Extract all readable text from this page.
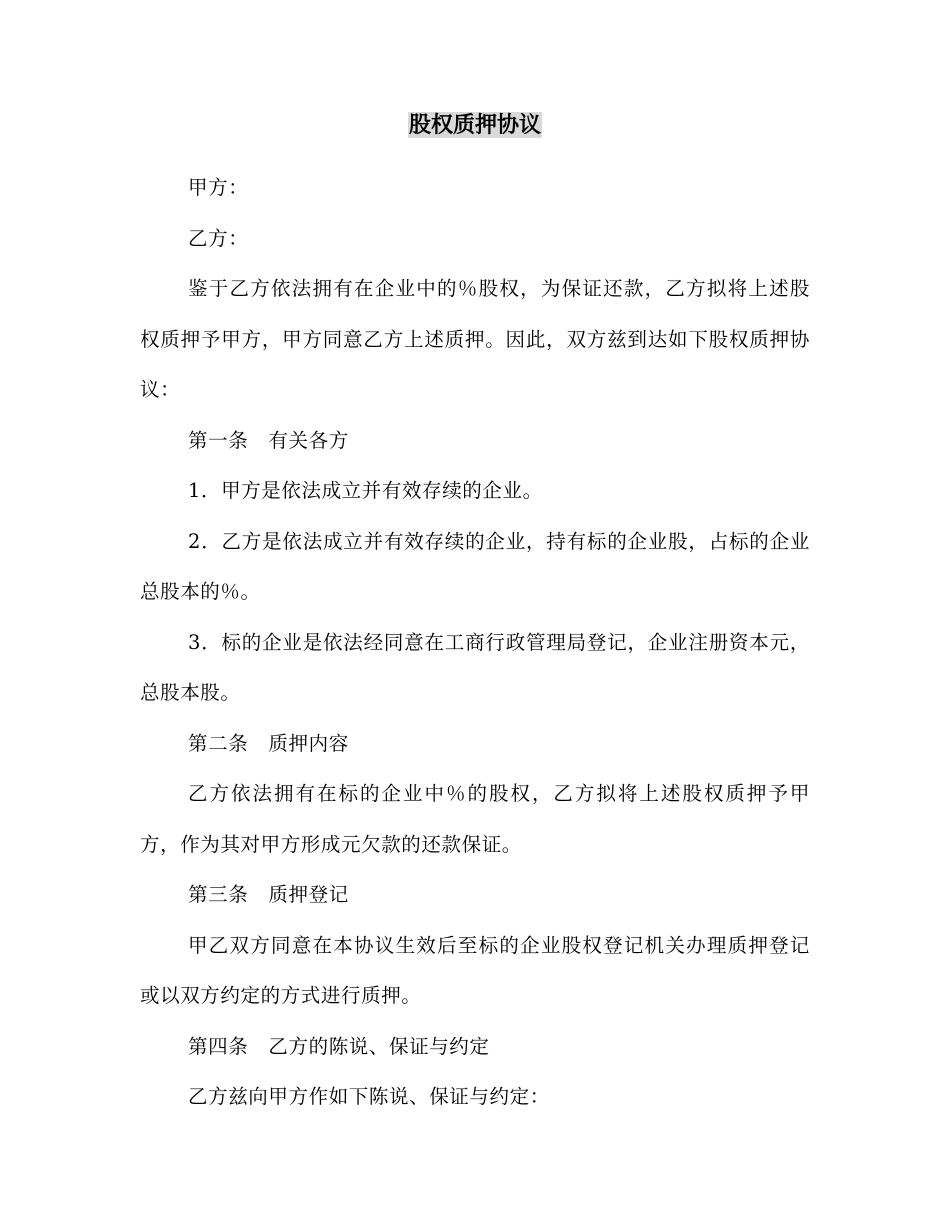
股权质押协议

甲方：

乙方：

鉴于乙方依法拥有在企业中的％股权，为保证还款，乙方拟将上述股权质押予甲方，甲方同意乙方上述质押。因此，双方兹到达如下股权质押协议：

第一条　有关各方

1．甲方是依法成立并有效存续的企业。

2．乙方是依法成立并有效存续的企业，持有标的企业股，占标的企业总股本的％。

3．标的企业是依法经同意在工商行政管理局登记，企业注册资本元，总股本股。

第二条　质押内容

乙方依法拥有在标的企业中％的股权，乙方拟将上述股权质押予甲方，作为其对甲方形成元欠款的还款保证。

第三条　质押登记

甲乙双方同意在本协议生效后至标的企业股权登记机关办理质押登记或以双方约定的方式进行质押。

第四条　乙方的陈说、保证与约定

乙方兹向甲方作如下陈说、保证与约定：
